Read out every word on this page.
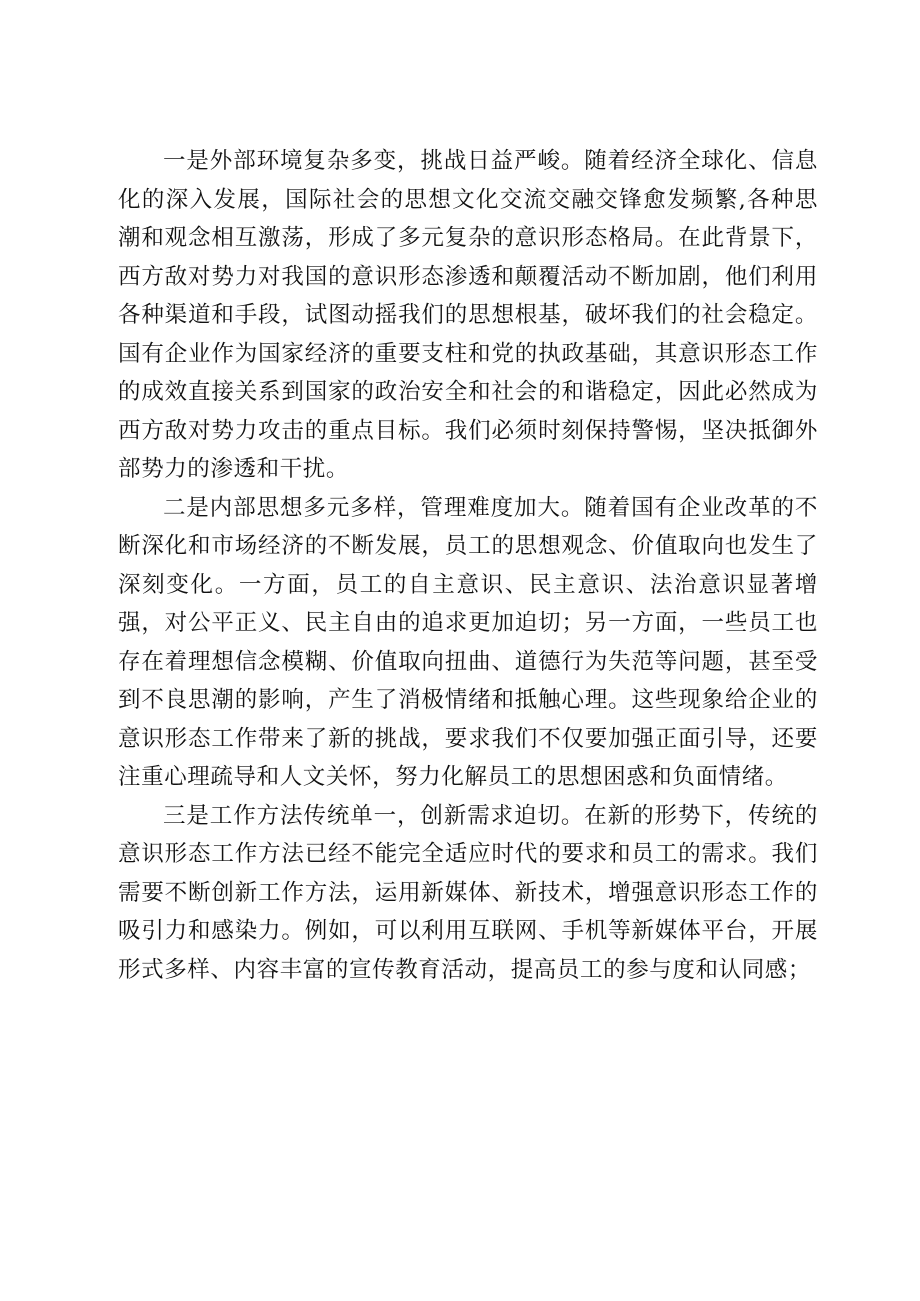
一是外部环境复杂多变，挑战日益严峻。随着经济全球化、信息化的深入发展，国际社会的思想文化交流交融交锋愈发频繁,各种思潮和观念相互激荡，形成了多元复杂的意识形态格局。在此背景下，西方敌对势力对我国的意识形态渗透和颠覆活动不断加剧，他们利用各种渠道和手段，试图动摇我们的思想根基，破坏我们的社会稳定。国有企业作为国家经济的重要支柱和党的执政基础，其意识形态工作的成效直接关系到国家的政治安全和社会的和谐稳定，因此必然成为西方敌对势力攻击的重点目标。我们必须时刻保持警惕，坚决抵御外部势力的渗透和干扰。

二是内部思想多元多样，管理难度加大。随着国有企业改革的不断深化和市场经济的不断发展，员工的思想观念、价值取向也发生了深刻变化。一方面，员工的自主意识、民主意识、法治意识显著增强，对公平正义、民主自由的追求更加迫切；另一方面，一些员工也存在着理想信念模糊、价值取向扭曲、道德行为失范等问题，甚至受到不良思潮的影响，产生了消极情绪和抵触心理。这些现象给企业的意识形态工作带来了新的挑战，要求我们不仅要加强正面引导，还要注重心理疏导和人文关怀，努力化解员工的思想困惑和负面情绪。

三是工作方法传统单一，创新需求迫切。在新的形势下，传统的意识形态工作方法已经不能完全适应时代的要求和员工的需求。我们需要不断创新工作方法，运用新媒体、新技术，增强意识形态工作的吸引力和感染力。例如，可以利用互联网、手机等新媒体平台，开展形式多样、内容丰富的宣传教育活动，提高员工的参与度和认同感；
